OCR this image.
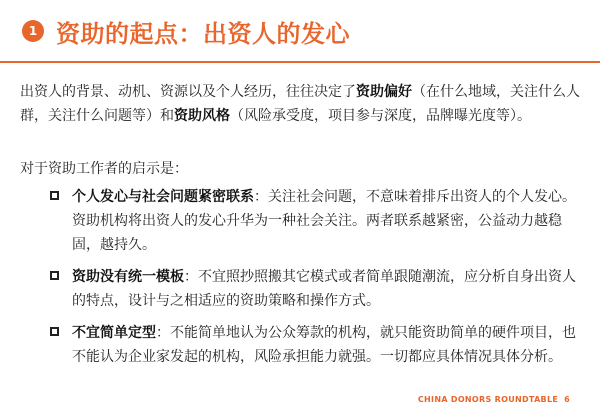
1 资助的起点：出资人的发心
出资人的背景、动机、资源以及个人经历，往往决定了资助偏好（在什么地域，关注什么人群，关注什么问题等）和资助风格（风险承受度，项目参与深度，品牌曝光度等）。
对于资助工作者的启示是：
个人发心与社会问题紧密联系：关注社会问题，不意味着排斥出资人的个人发心。资助机构将出资人的发心升华为一种社会关注。两者联系越紧密，公益动力越稳固，越持久。
资助没有统一模板：不宜照抄照搬其它模式或者简单跟随潮流，应分析自身出资人的特点，设计与之相适应的资助策略和操作方式。
不宜简单定型：不能简单地认为公众筹款的机构，就只能资助简单的硬件项目，也不能认为企业家发起的机构，风险承担能力就强。一切都应具体情况具体分析。
CHINA DONORS ROUNDTABLE 6
